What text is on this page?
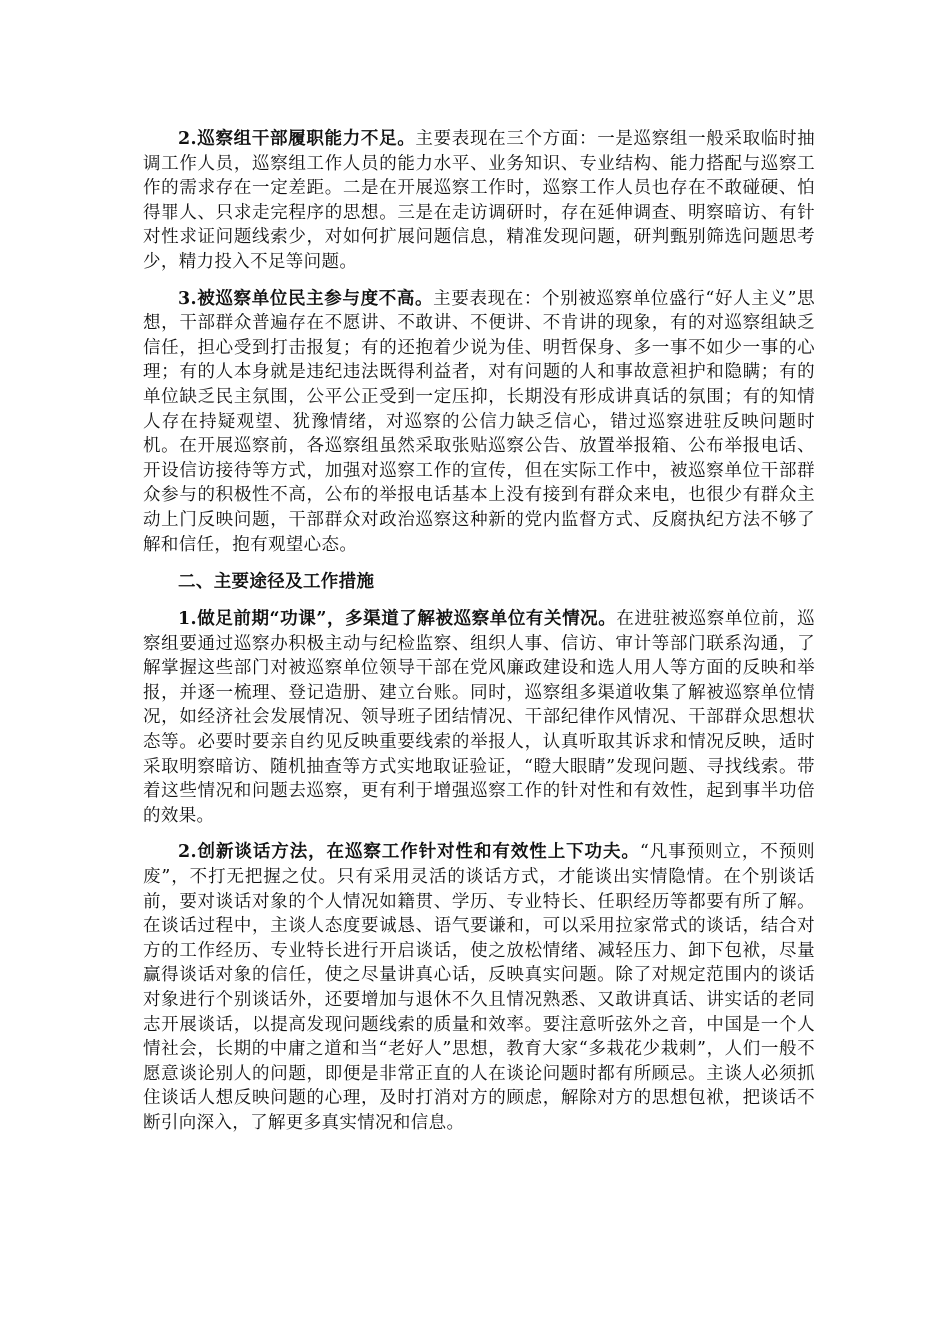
2.巡察组干部履职能力不足。主要表现在三个方面：一是巡察组一般采取临时抽调工作人员，巡察组工作人员的能力水平、业务知识、专业结构、能力搭配与巡察工作的需求存在一定差距。二是在开展巡察工作时，巡察工作人员也存在不敢碰硬、怕得罪人、只求走完程序的思想。三是在走访调研时，存在延伸调查、明察暗访、有针对性求证问题线索少，对如何扩展问题信息，精准发现问题，研判甄别筛选问题思考少，精力投入不足等问题。

3.被巡察单位民主参与度不高。主要表现在：个别被巡察单位盛行“好人主义”思想，干部群众普遍存在不愿讲、不敢讲、不便讲、不肯讲的现象，有的对巡察组缺乏信任，担心受到打击报复；有的还抱着少说为佳、明哲保身、多一事不如少一事的心理；有的人本身就是违纪违法既得利益者，对有问题的人和事故意袒护和隐瞒；有的单位缺乏民主氛围，公平公正受到一定压抑，长期没有形成讲真话的氛围；有的知情人存在持疑观望、犹豫情绪，对巡察的公信力缺乏信心，错过巡察进驻反映问题时机。在开展巡察前，各巡察组虽然采取张贴巡察公告、放置举报箱、公布举报电话、开设信访接待等方式，加强对巡察工作的宣传，但在实际工作中，被巡察单位干部群众参与的积极性不高，公布的举报电话基本上没有接到有群众来电，也很少有群众主动上门反映问题，干部群众对政治巡察这种新的党内监督方式、反腐执纪方法不够了解和信任，抱有观望心态。

二、主要途径及工作措施

1.做足前期“功课”，多渠道了解被巡察单位有关情况。在进驻被巡察单位前，巡察组要通过巡察办积极主动与纪检监察、组织人事、信访、审计等部门联系沟通，了解掌握这些部门对被巡察单位领导干部在党风廉政建设和选人用人等方面的反映和举报，并逐一梳理、登记造册、建立台账。同时，巡察组多渠道收集了解被巡察单位情况，如经济社会发展情况、领导班子团结情况、干部纪律作风情况、干部群众思想状态等。必要时要亲自约见反映重要线索的举报人，认真听取其诉求和情况反映，适时采取明察暗访、随机抽查等方式实地取证验证，“瞪大眼睛”发现问题、寻找线索。带着这些情况和问题去巡察，更有利于增强巡察工作的针对性和有效性，起到事半功倍的效果。

2.创新谈话方法，在巡察工作针对性和有效性上下功夫。“凡事预则立，不预则废”，不打无把握之仗。只有采用灵活的谈话方式，才能谈出实情隐情。在个别谈话前，要对谈话对象的个人情况如籍贯、学历、专业特长、任职经历等都要有所了解。在谈话过程中，主谈人态度要诚恳、语气要谦和，可以采用拉家常式的谈话，结合对方的工作经历、专业特长进行开启谈话，使之放松情绪、减轻压力、卸下包袱，尽量赢得谈话对象的信任，使之尽量讲真心话，反映真实问题。除了对规定范围内的谈话对象进行个别谈话外，还要增加与退休不久且情况熟悉、又敢讲真话、讲实话的老同志开展谈话，以提高发现问题线索的质量和效率。要注意听弦外之音，中国是一个人情社会，长期的中庸之道和当“老好人”思想，教育大家“多栽花少栽刺”，人们一般不愿意谈论别人的问题，即便是非常正直的人在谈论问题时都有所顾忌。主谈人必须抓住谈话人想反映问题的心理，及时打消对方的顾虑，解除对方的思想包袱，把谈话不断引向深入，了解更多真实情况和信息。
